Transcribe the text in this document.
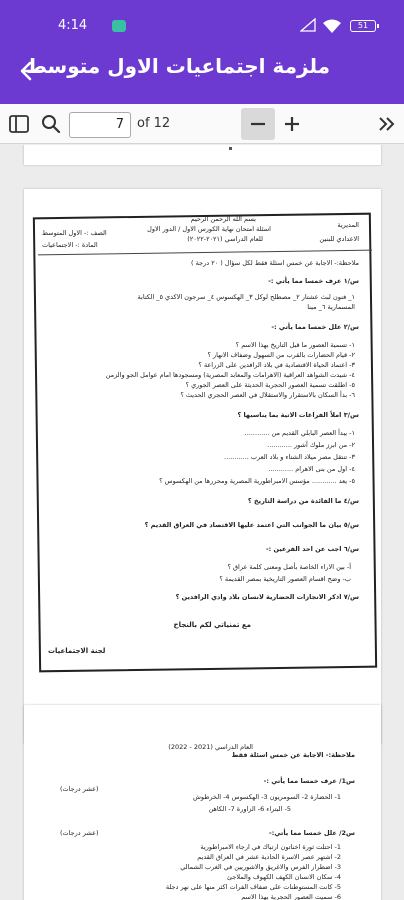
4:14	51
ملزمة اجتماعيات الاول متوسط
7	of 12
بسم الله الرحمن الرحيم
اسئلة امتحان نهاية الكورس الاول / الدور الاول
للعام الدراسي (٢٠٢١-٢٠٢٢)
المديرية
الاعدادي للبنين
الصف :- الاول المتوسط
المادة :- الاجتماعيات
ملاحظة:- الاجابة عن خمس اسئلة فقط لكل سؤال ( ٢٠ درجة )
س/١ عرف خمسا مما يأتي :-
١_ فنون لبث عشتار ٢_ مصطلح لوكل ٣_ الهكسوس ٤_ سرجون الاكدي ٥_ الكتابة
المسمارية ٦_ مينا
س/٢ علل خمسا مما يأتي :-
١- تسمية العصور ما قبل التاريخ بهذا الاسم ؟
٢- قيام الحضارات بالقرب من السهول وضفاف الانهار ؟
٣- اعتماد الحياة الاقتصادية في بلاد الرافدين على الزراعة ؟
٤- شيدت الشواهد العراقية (الاهرامات والمعابد المصرية) ومسجودها امام عوامل الجو والزمن
٥- اطلقت تسمية العصور الحجرية الحديثة على العصر الجوري ؟
٦- بدأ السكان بالاستقرار والاستقلال في العصر الحجري الحديث ؟
س/٣ املأ الفراغات الاتية بما يناسبها ؟
١- يبدأ العصر البابلي القديم من ............
٢- من ابرز ملوك آشور ............
٣- تنتقل مصر ميلاد الشتاء و بلاد العرب ............
٤- اول من بنى الاهرام ............
٥- يعد ............ مؤسس الامبراطورية المصرية ومحررها من الهكسوس ؟
س/٤ ما الفائدة من دراسة التاريخ ؟
س/٥ بيان ما الجوانب التي اعتمد عليها الاقتصاد في العراق القديم ؟
س/٦ اجب عن احد الفرعين :-
أ- بين الاراء الخاصة بأصل ومعنى كلمة عراق ؟
ب- وضح اقسام العصور التاريخية بمصر القديمة ؟
س/٧ اذكر الانجازات الحضارية لانسان بلاد وادي الرافدين ؟
مع تمنياتي لكم بالنجاح
لجنة الاجتماعيات
العام الدراسي (2021 - 2022)
ملاحظة:- الاجابة عن خمس اسئلة فقط
س1/ عرف خمسا مما يأتي :-
(عشر درجات)
1- الحضارة 2- السومريون 3- الهكسوس 4- الخرطوش
5- البتراء 6- الزاورة 7- الكاهن
س2/ علل خمسا مما يأتي:-
(عشر درجات)
1- احتلت ثورة اخناتون ارتباك في ارجاء الامبراطورية
2- اشتهر عصر الاسرة الحادية عشر في العراق القديم
3- اضطرار الفرس والاغريق والاشوريين في الغرب الشمالي
4- سكان الانسان الكهف الكهوف والملاجئ
5- كانت المستوطنات على ضفاف الفرات اكثر منها على نهر دجلة
6- سميت العصور الحجرية بهذا الاسم
